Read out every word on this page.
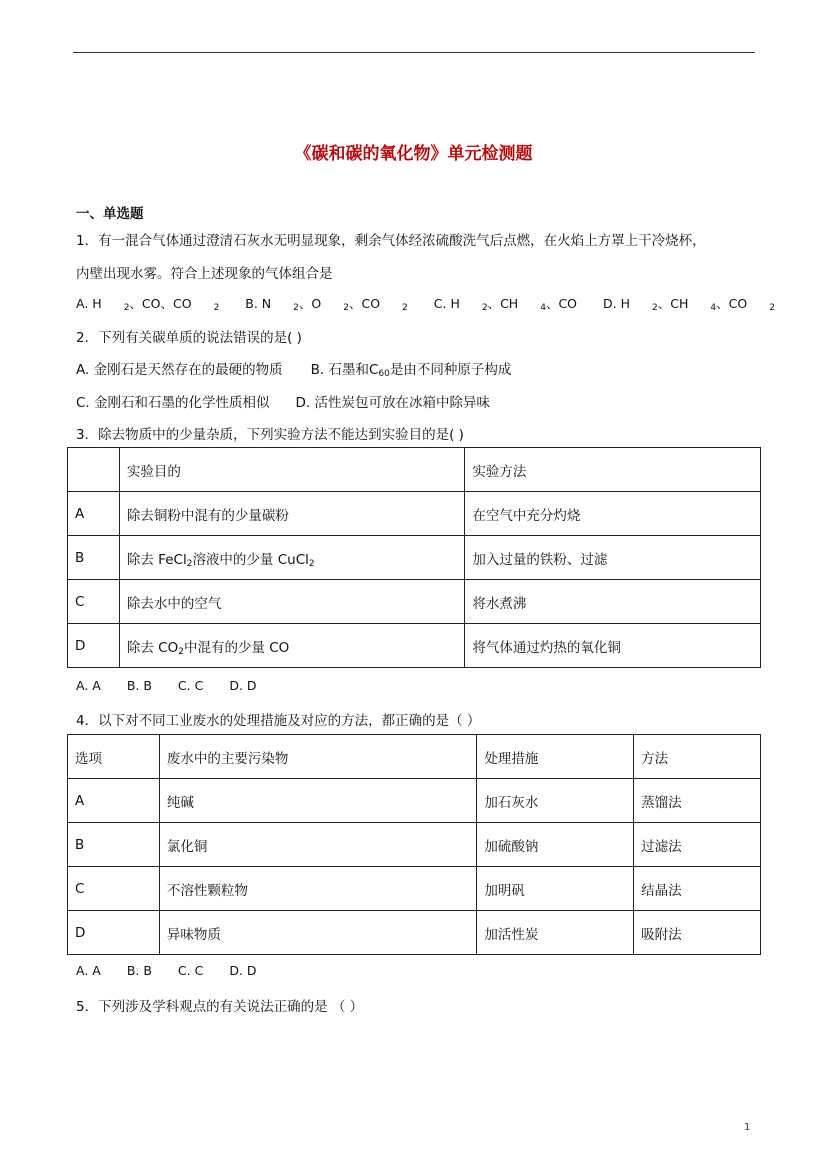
《碳和碳的氧化物》单元检测题
一、单选题
1．有一混合气体通过澄清石灰水无明显现象，剩余气体经浓硫酸洗气后点燃，在火焰上方罩上干冷烧杯，
内壁出现水雾。符合上述现象的气体组合是
A. H $_2$、CO、CO $_2$ B. N $_2$、O $_2$、CO $_2$ C. H $_2$、CH $_4$、CO D. H $_2$、CH $_4$、CO $_2$
2．下列有关碳单质的说法错误的是( )
A. 金刚石是天然存在的最硬的物质 B. 石墨和$C_{60}$是由不同种原子构成
C. 金刚石和石墨的化学性质相似 D. 活性炭包可放在冰箱中除异味
3．除去物质中的少量杂质，下列实验方法不能达到实验目的是( )
	实验目的	实验方法
A	除去铜粉中混有的少量碳粉	在空气中充分灼烧
B	除去 FeCl$_2$溶液中的少量 CuCl$_2$	加入过量的铁粉、过滤
C	除去水中的空气	将水煮沸
D	除去 $CO_2$中混有的少量 CO	将气体通过灼热的氧化铜
A. A B. B C. C D. D
4．以下对不同工业废水的处理措施及对应的方法，都正确的是（ ）
选项	废水中的主要污染物	处理措施	方法
A	纯碱	加石灰水	蒸馏法
B	氯化铜	加硫酸钠	过滤法
C	不溶性颗粒物	加明矾	结晶法
D	异味物质	加活性炭	吸附法
A. A B. B C. C D. D
5．下列涉及学科观点的有关说法正确的是 （ ）
1
